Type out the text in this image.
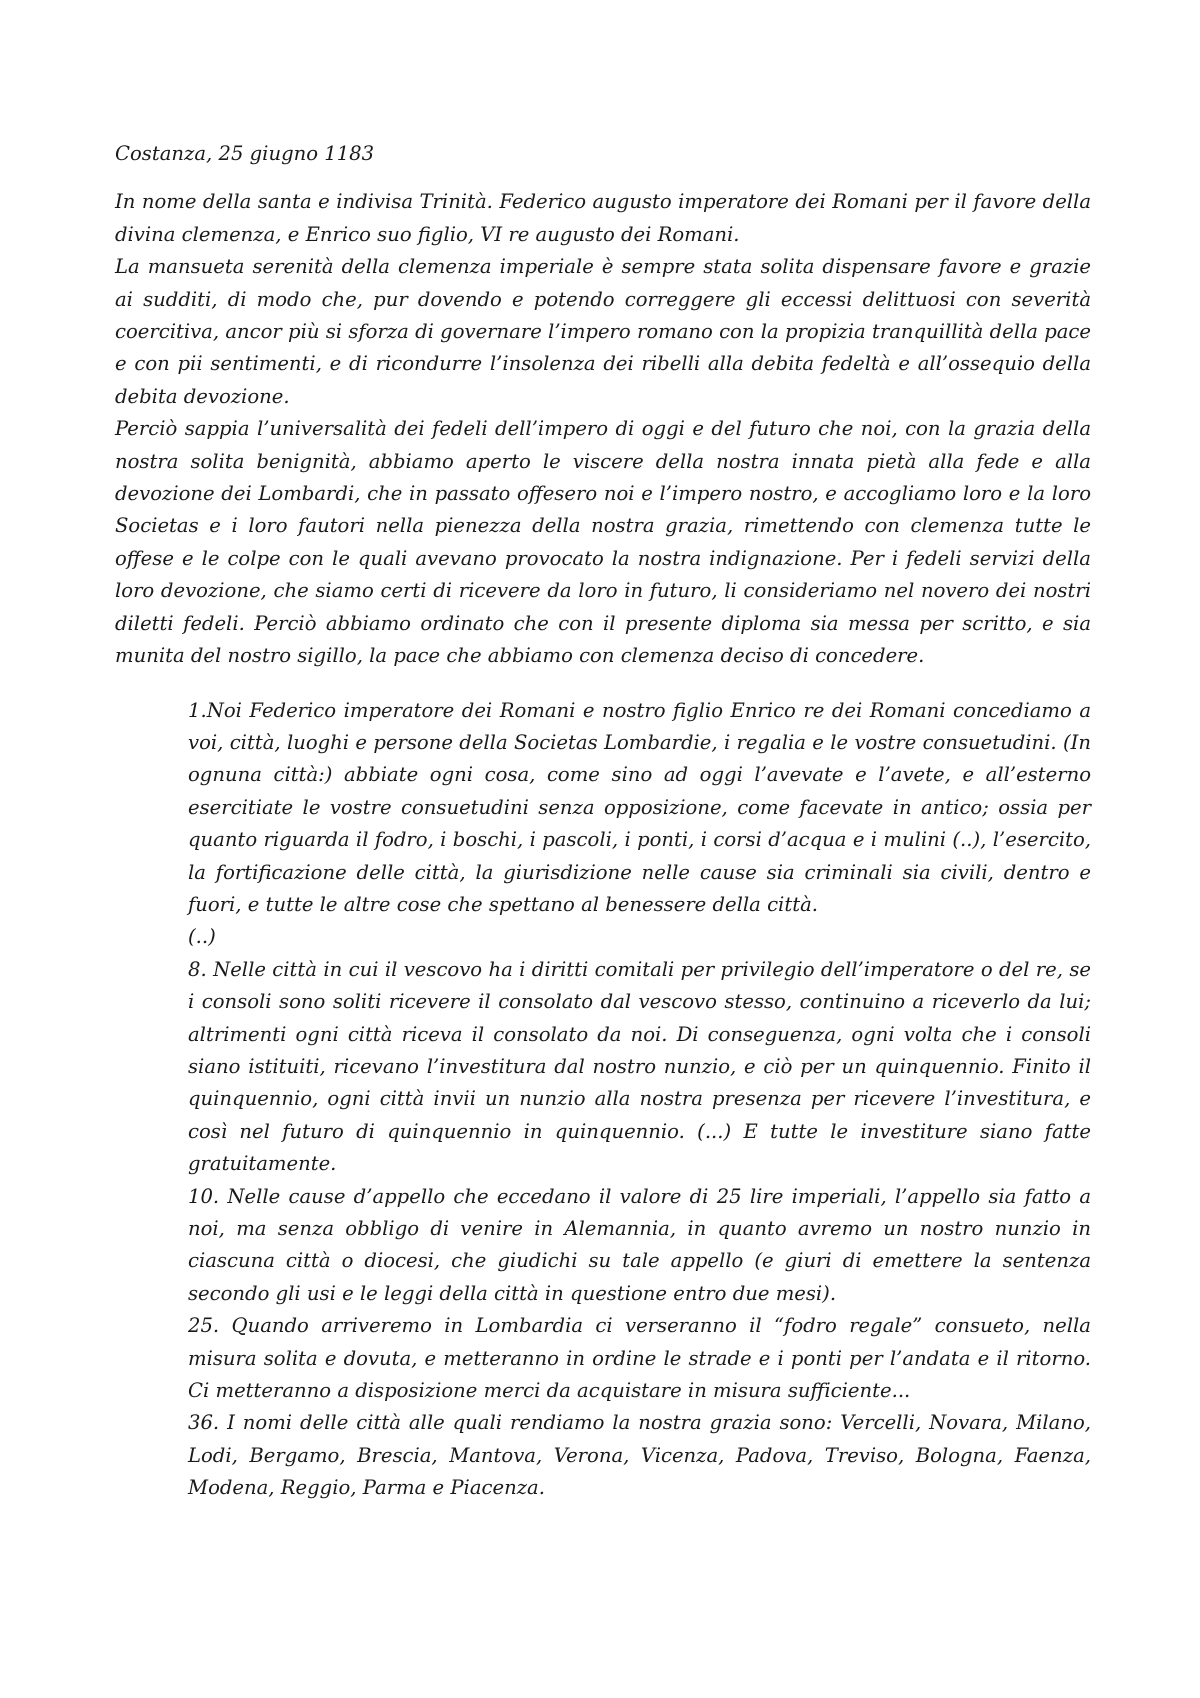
Costanza, 25 giugno 1183

In nome della santa e indivisa Trinità. Federico augusto imperatore dei Romani per il favore della divina clemenza, e Enrico suo figlio, VI re augusto dei Romani.

La mansueta serenità della clemenza imperiale è sempre stata solita dispensare favore e grazie ai sudditi, di modo che, pur dovendo e potendo correggere gli eccessi delittuosi con severità coercitiva, ancor più si sforza di governare l’impero romano con la propizia tranquillità della pace e con pii sentimenti, e di ricondurre l’insolenza dei ribelli alla debita fedeltà e all’ossequio della debita devozione.

Perciò sappia l’universalità dei fedeli dell’impero di oggi e del futuro che noi, con la grazia della nostra solita benignità, abbiamo aperto le viscere della nostra innata pietà alla fede e alla devozione dei Lombardi, che in passato offesero noi e l’impero nostro, e accogliamo loro e la loro Societas e i loro fautori nella pienezza della nostra grazia, rimettendo con clemenza tutte le offese e le colpe con le quali avevano provocato la nostra indignazione. Per i fedeli servizi della loro devozione, che siamo certi di ricevere da loro in futuro, li consideriamo nel novero dei nostri diletti fedeli. Perciò abbiamo ordinato che con il presente diploma sia messa per scritto, e sia munita del nostro sigillo, la pace che abbiamo con clemenza deciso di concedere.

1.Noi Federico imperatore dei Romani e nostro figlio Enrico re dei Romani concediamo a voi, città, luoghi e persone della Societas Lombardie, i regalia e le vostre consuetudini. (In ognuna città:) abbiate ogni cosa, come sino ad oggi l’avevate e l’avete, e all’esterno esercitiate le vostre consuetudini senza opposizione, come facevate in antico; ossia per quanto riguarda il fodro, i boschi, i pascoli, i ponti, i corsi d’acqua e i mulini (..), l’esercito, la fortificazione delle città, la giurisdizione nelle cause sia criminali sia civili, dentro e fuori, e tutte le altre cose che spettano al benessere della città.

(..)

8. Nelle città in cui il vescovo ha i diritti comitali per privilegio dell’imperatore o del re, se i consoli sono soliti ricevere il consolato dal vescovo stesso, continuino a riceverlo da lui; altrimenti ogni città riceva il consolato da noi. Di conseguenza, ogni volta che i consoli siano istituiti, ricevano l’investitura dal nostro nunzio, e ciò per un quinquennio. Finito il quinquennio, ogni città invii un nunzio alla nostra presenza per ricevere l’investitura, e così nel futuro di quinquennio in quinquennio. (...) E tutte le investiture siano fatte gratuitamente.

10. Nelle cause d’appello che eccedano il valore di 25 lire imperiali, l’appello sia fatto a noi, ma senza obbligo di venire in Alemannia, in quanto avremo un nostro nunzio in ciascuna città o diocesi, che giudichi su tale appello (e giuri di emettere la sentenza secondo gli usi e le leggi della città in questione entro due mesi).

25. Quando arriveremo in Lombardia ci verseranno il “fodro regale” consueto, nella misura solita e dovuta, e metteranno in ordine le strade e i ponti per l’andata e il ritorno. Ci metteranno a disposizione merci da acquistare in misura sufficiente...

36. I nomi delle città alle quali rendiamo la nostra grazia sono: Vercelli, Novara, Milano, Lodi, Bergamo, Brescia, Mantova, Verona, Vicenza, Padova, Treviso, Bologna, Faenza, Modena, Reggio, Parma e Piacenza.
